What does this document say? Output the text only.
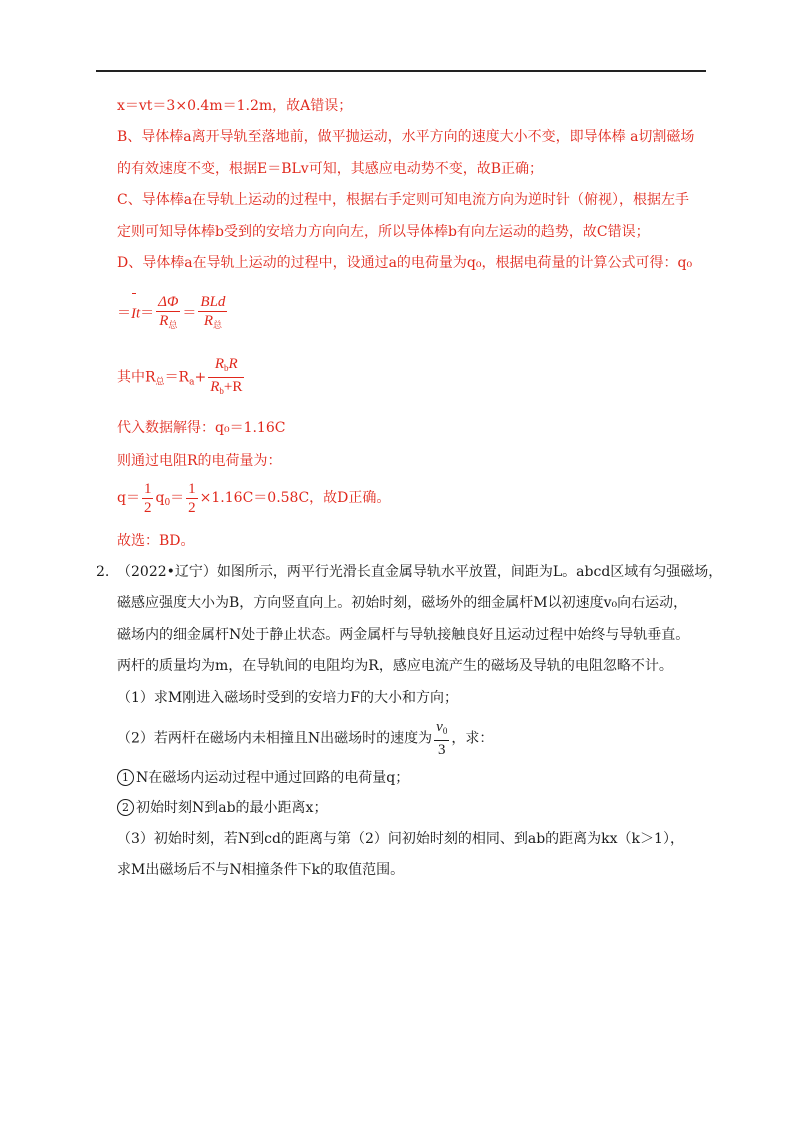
x＝vt＝3×0.4m＝1.2m，故A错误；
B、导体棒a离开导轨至落地前，做平抛运动，水平方向的速度大小不变，即导体棒 a切割磁场
的有效速度不变，根据E＝BLv可知，其感应电动势不变，故B正确；
C、导体棒a在导轨上运动的过程中，根据右手定则可知电流方向为逆时针（俯视），根据左手
定则可知导体棒b受到的安培力方向向左，所以导体棒b有向左运动的趋势，故C错误；
D、导体棒a在导轨上运动的过程中，设通过a的电荷量为q₀，根据电荷量的计算公式可得：q₀
$=It= \frac{\Delta\Phi}{R_总} = \frac{\text{BLd}}{R_总}$
其中$R_总=R_a+ \frac{R_bR}{R_b+R}$
代入数据解得：q₀＝1.16C
则通过电阻R的电荷量为：
$q= \frac{1}{2} q_0= \frac{1}{2} \times 1.16C=0.58C$，故D正确。
故选：BD。
2. （2022•辽宁）如图所示，两平行光滑长直金属导轨水平放置，间距为L。abcd区域有匀强磁场，
磁感应强度大小为B，方向竖直向上。初始时刻，磁场外的细金属杆M以初速度v₀向右运动，
磁场内的细金属杆N处于静止状态。两金属杆与导轨接触良好且运动过程中始终与导轨垂直。
两杆的质量均为m，在导轨间的电阻均为R，感应电流产生的磁场及导轨的电阻忽略不计。
（1）求M刚进入磁场时受到的安培力F的大小和方向；
（2）若两杆在磁场内未相撞且N出磁场时的速度为 $\frac{v_0}{3}$ ，求：
1 N在磁场内运动过程中通过回路的电荷量q；
2 初始时刻N到ab的最小距离x；
（3）初始时刻，若N到cd的距离与第（2）问初始时刻的相同、到ab的距离为kx（k＞1），
求M出磁场后不与N相撞条件下k的取值范围。
